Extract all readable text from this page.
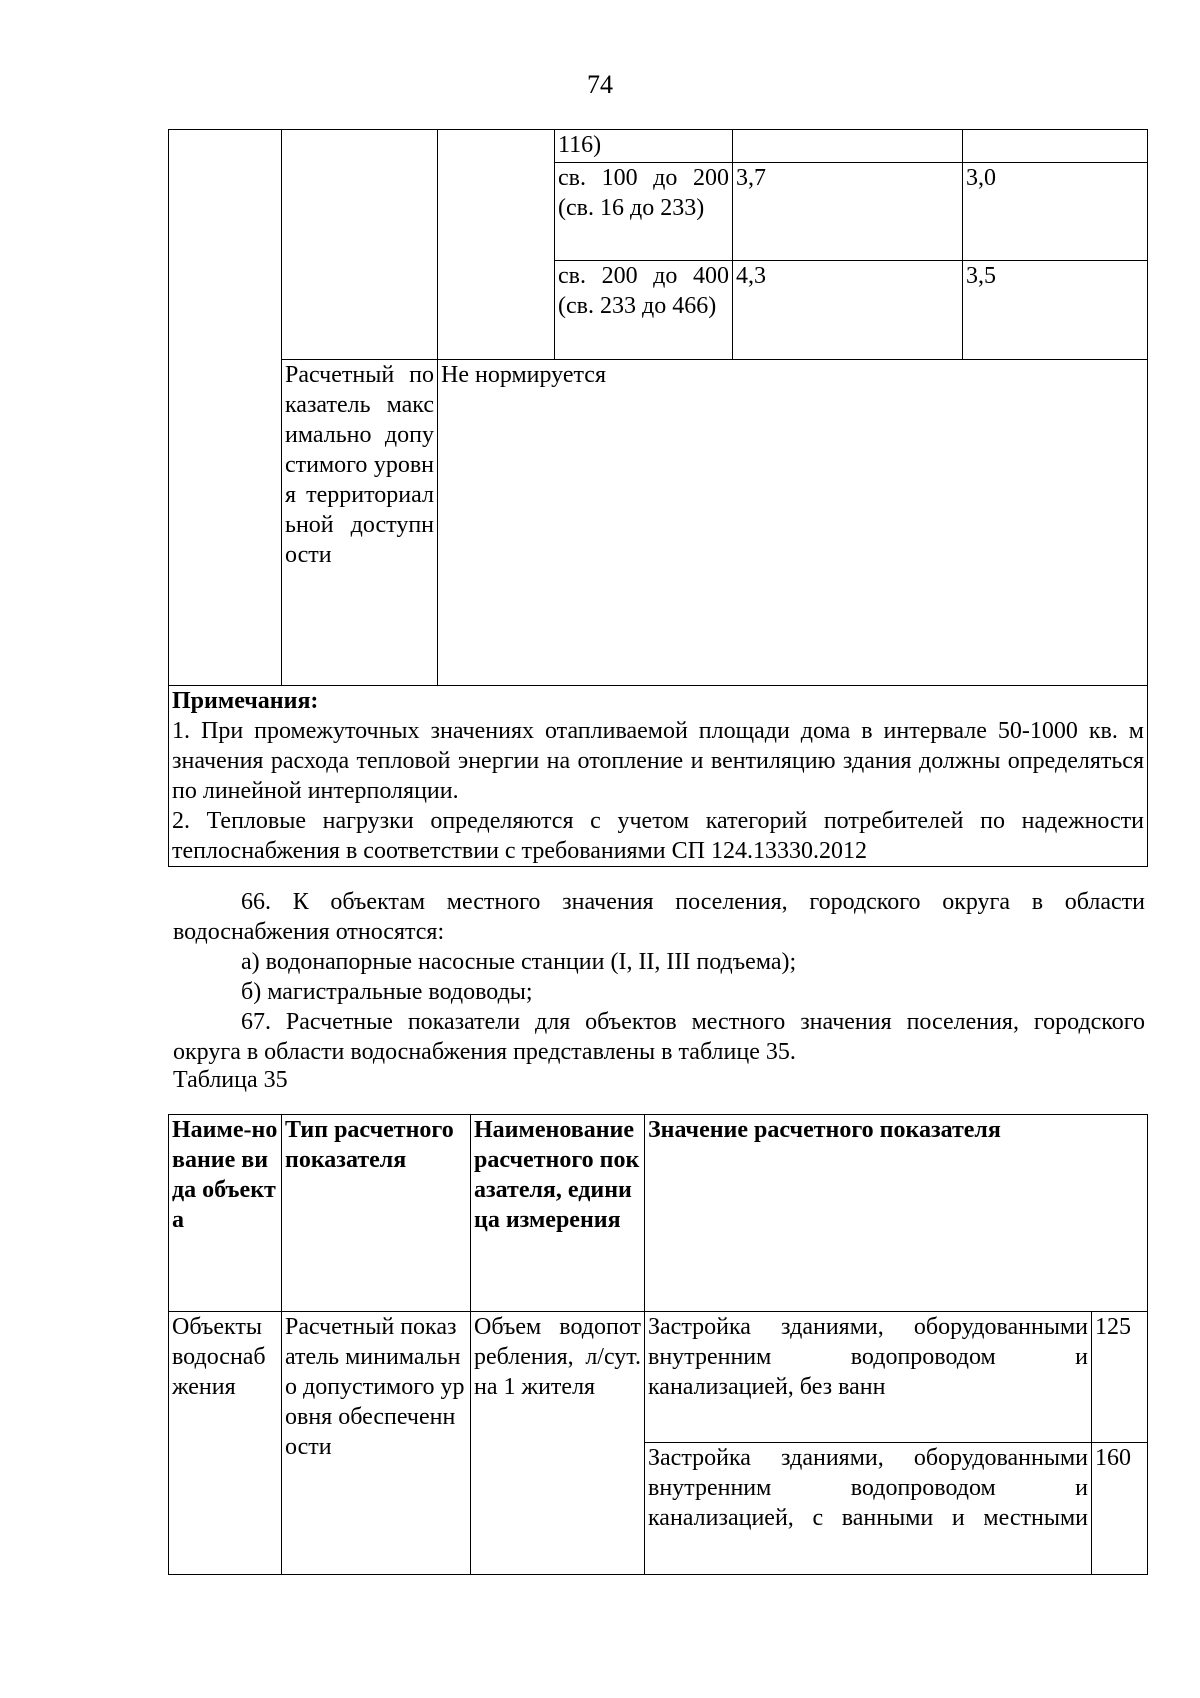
74
			116)		
			св. 100 до 200 (св. 16 до 233)	3,7	3,0
			св. 200 до 400 (св. 233 до 466)	4,3	3,5
	Расчетный показатель максимально допустимого уровня территориальной доступности	Не нормируется			

Примечания:
1. При промежуточных значениях отапливаемой площади дома в интервале 50-1000 кв. м значения расхода тепловой энергии на отопление и вентиляцию здания должны определяться по линейной интерполяции.
2. Тепловые нагрузки определяются с учетом категорий потребителей по надежности теплоснабжения в соответствии с требованиями СП 124.13330.2012					
66. К объектам местного значения поселения, городского округа в области водоснабжения относятся:
а) водонапорные насосные станции (I, II, III подъема);
б) магистральные водоводы;
67. Расчетные показатели для объектов местного значения поселения, городского округа в области водоснабжения представлены в таблице 35.
Таблица 35
Наиме-нование вида объекта	Тип расчетного показателя	Наименование расчетного показателя, единица измерения	Значение расчетного показателя	
Объекты водоснабжения	Расчетный показатель минимально допустимого уровня обеспеченности	Объем водопотребления, л/сут. на 1 жителя	Застройка зданиями, оборудованными внутренним водопроводом и канализацией, без ванн	125
			Застройка зданиями, оборудованными внутренним водопроводом и канализацией, с ванными и местными	160
